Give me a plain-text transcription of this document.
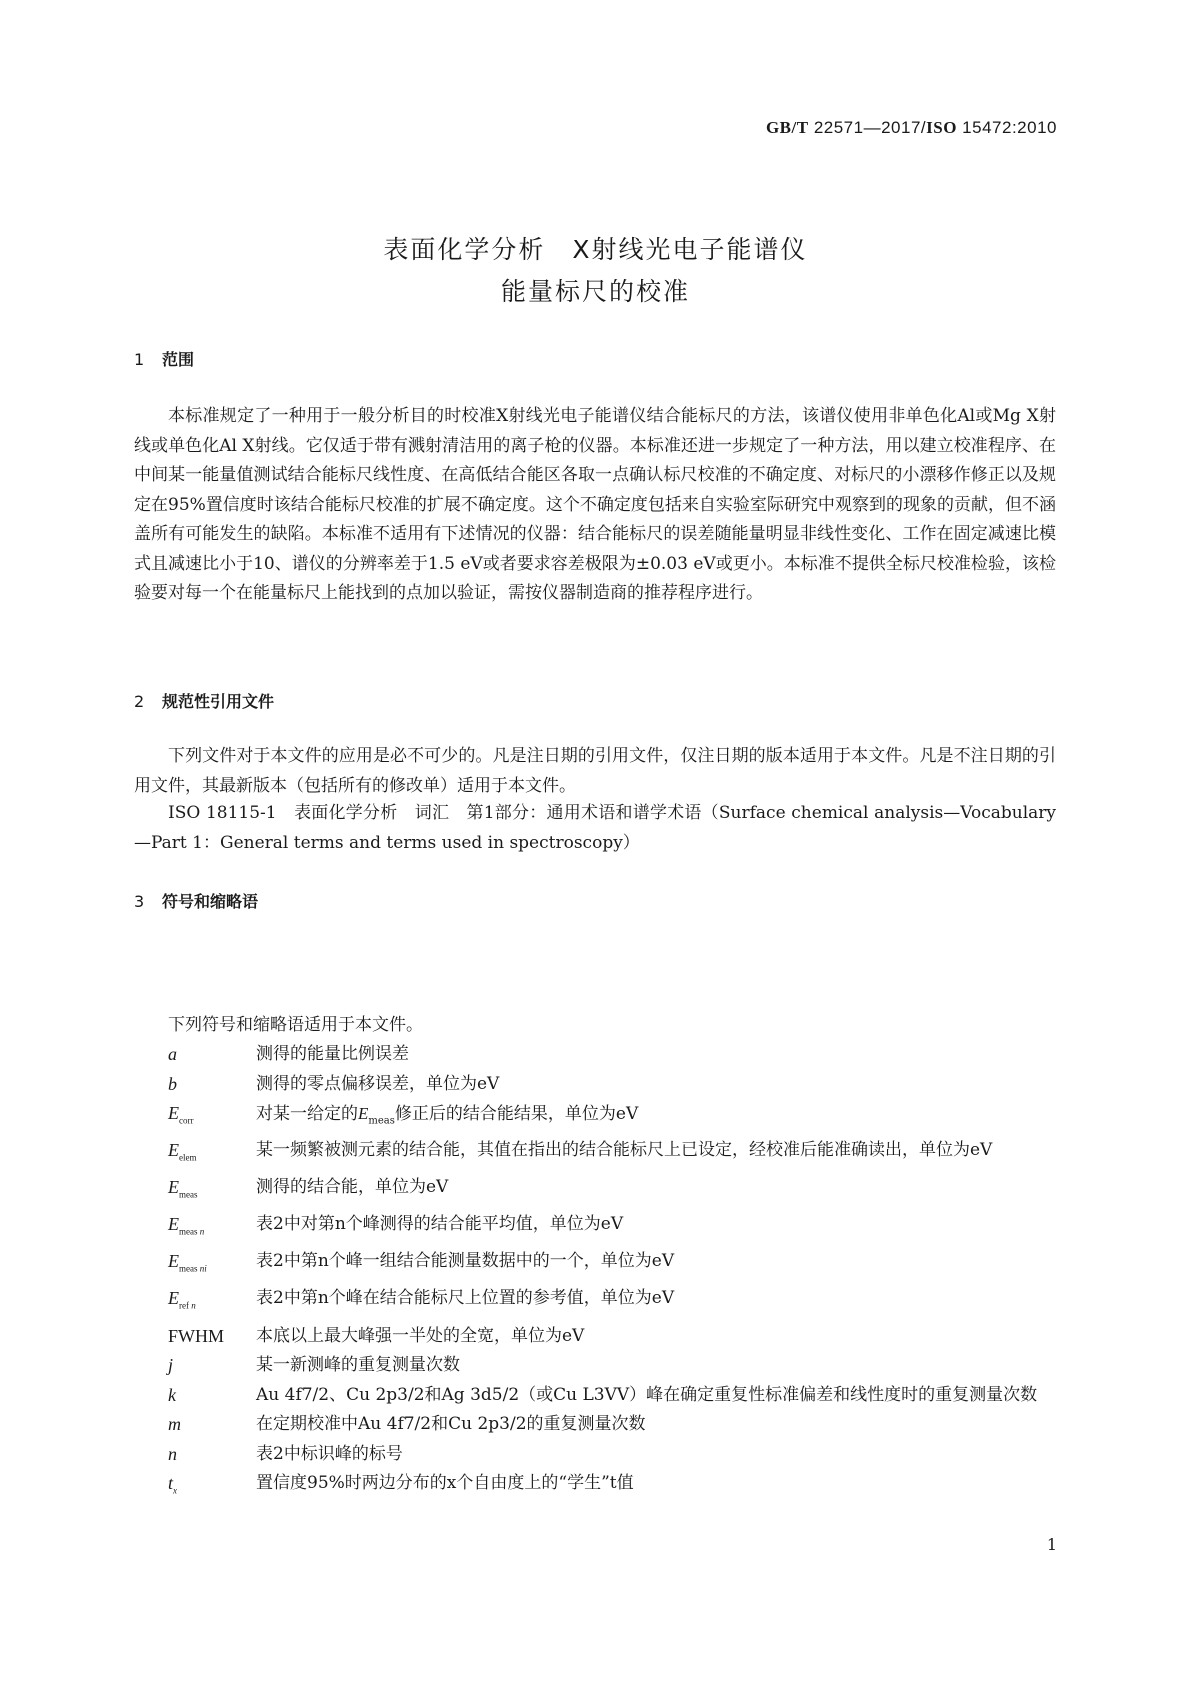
GB/T 22571—2017/ISO 15472:2010
表面化学分析　X射线光电子能谱仪
能量标尺的校准
1 范围
本标准规定了一种用于一般分析目的时校准X射线光电子能谱仪结合能标尺的方法，该谱仪使用非单色化Al或Mg X射线或单色化Al X射线。它仅适于带有溅射清洁用的离子枪的仪器。本标准还进一步规定了一种方法，用以建立校准程序、在中间某一能量值测试结合能标尺线性度、在高低结合能区各取一点确认标尺校准的不确定度、对标尺的小漂移作修正以及规定在95%置信度时该结合能标尺校准的扩展不确定度。这个不确定度包括来自实验室际研究中观察到的现象的贡献，但不涵盖所有可能发生的缺陷。本标准不适用有下述情况的仪器：结合能标尺的误差随能量明显非线性变化、工作在固定减速比模式且减速比小于10、谱仪的分辨率差于1.5 eV或者要求容差极限为±0.03 eV或更小。本标准不提供全标尺校准检验，该检验要对每一个在能量标尺上能找到的点加以验证，需按仪器制造商的推荐程序进行。
2 规范性引用文件
下列文件对于本文件的应用是必不可少的。凡是注日期的引用文件，仅注日期的版本适用于本文件。凡是不注日期的引用文件，其最新版本（包括所有的修改单）适用于本文件。
ISO 18115-1　表面化学分析　词汇　第1部分：通用术语和谱学术语（Surface chemical analysis—Vocabulary—Part 1：General terms and terms used in spectroscopy）
3 符号和缩略语
下列符号和缩略语适用于本文件。
a	测得的能量比例误差
b	测得的零点偏移误差，单位为eV
$E_{corr}$	对某一给定的$E_{meas}$修正后的结合能结果，单位为eV
$E_{elem}$	某一频繁被测元素的结合能，其值在指出的结合能标尺上已设定，经校准后能准确读出，单位为eV
$E_{meas}$	测得的结合能，单位为eV
$E_{meas n}$	表2中对第n个峰测得的结合能平均值，单位为eV
$E_{meas ni}$	表2中第n个峰一组结合能测量数据中的一个，单位为eV
$E_{ref n}$	表2中第n个峰在结合能标尺上位置的参考值，单位为eV
FWHM	本底以上最大峰强一半处的全宽，单位为eV
j	某一新测峰的重复测量次数
k	Au 4f7/2、Cu 2p3/2和Ag 3d5/2（或Cu L3VV）峰在确定重复性标准偏差和线性度时的重复测量次数
m	在定期校准中Au 4f7/2和Cu 2p3/2的重复测量次数
n	表2中标识峰的标号
$t_x$	置信度95%时两边分布的x个自由度上的“学生”t值
1
